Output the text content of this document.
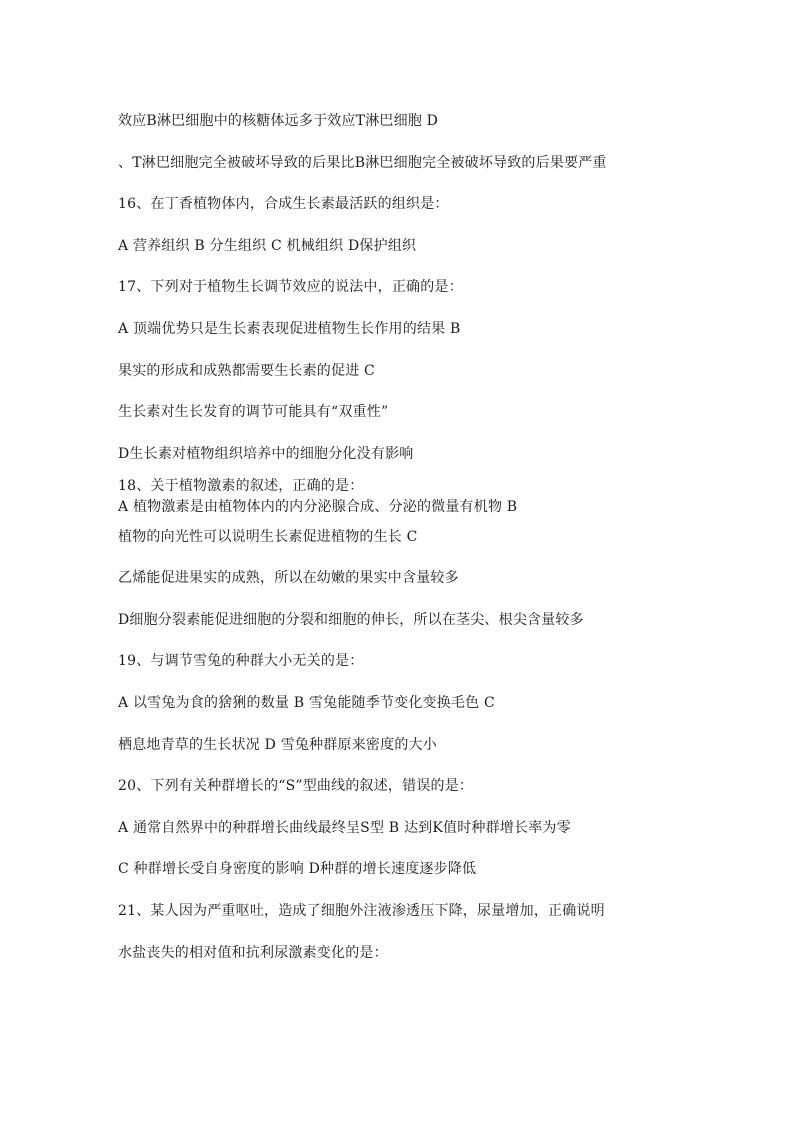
效应B淋巴细胞中的核糖体远多于效应T淋巴细胞 D
、T淋巴细胞完全被破坏导致的后果比B淋巴细胞完全被破坏导致的后果要严重
16、在丁香植物体内，合成生长素最活跃的组织是：
A 营养组织 B 分生组织 C 机械组织 D保护组织
17、下列对于植物生长调节效应的说法中，正确的是：
A 顶端优势只是生长素表现促进植物生长作用的结果 B
果实的形成和成熟都需要生长素的促进 C
生长素对生长发育的调节可能具有“双重性”
D生长素对植物组织培养中的细胞分化没有影响
18、关于植物激素的叙述，正确的是：
A 植物激素是由植物体内的内分泌腺合成、分泌的微量有机物 B
植物的向光性可以说明生长素促进植物的生长 C
乙烯能促进果实的成熟，所以在幼嫩的果实中含量较多
D细胞分裂素能促进细胞的分裂和细胞的伸长，所以在茎尖、根尖含量较多
19、与调节雪兔的种群大小无关的是：
A 以雪兔为食的猞猁的数量 B 雪兔能随季节变化变换毛色 C
栖息地青草的生长状况 D 雪兔种群原来密度的大小
20、下列有关种群增长的“S”型曲线的叙述，错误的是：
A 通常自然界中的种群增长曲线最终呈S型 B 达到K值时种群增长率为零
C 种群增长受自身密度的影响 D种群的增长速度逐步降低
21、某人因为严重呕吐，造成了细胞外注液渗透压下降，尿量增加，正确说明
水盐丧失的相对值和抗利尿激素变化的是：
